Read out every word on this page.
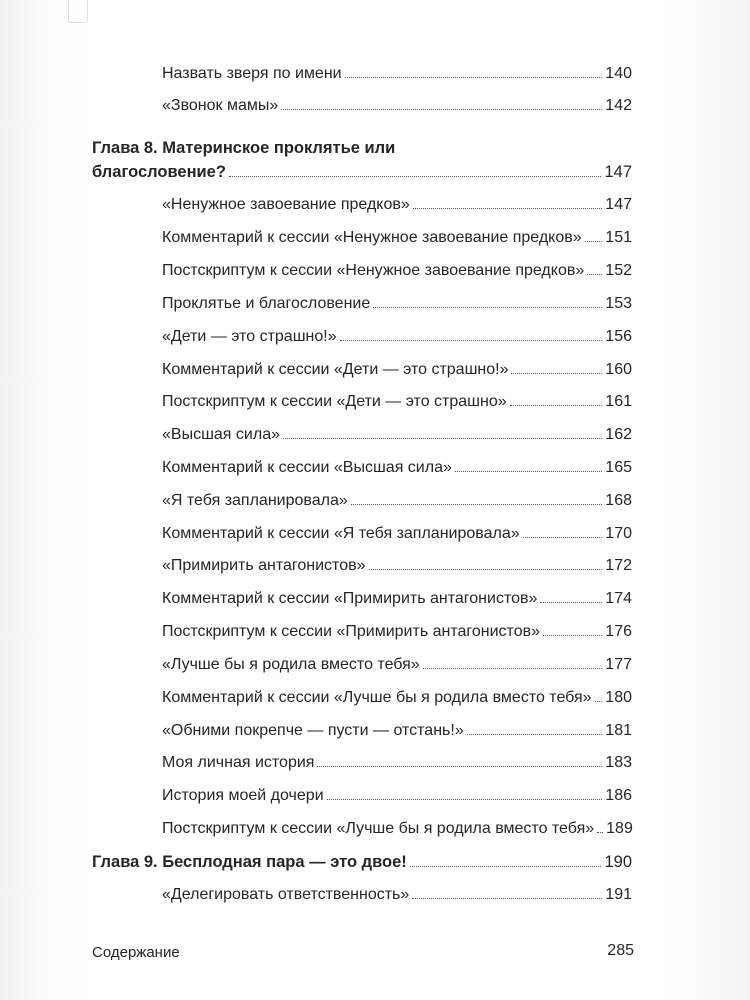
Назвать зверя по имени	140
«Звонок мамы»	142
Глава 8. Материнское проклятье или
благословение?	147
«Ненужное завоевание предков»	147
Комментарий к сессии «Ненужное завоевание предков» 151
Постскриптум к сессии «Ненужное завоевание предков» 152
Проклятье и благословение	153
«Дети — это страшно!»	156
Комментарий к сессии «Дети — это страшно!»	160
Постскриптум к сессии «Дети — это страшно»	161
«Высшая сила»	162
Комментарий к сессии «Высшая сила»	165
«Я тебя запланировала»	168
Комментарий к сессии «Я тебя запланировала»	170
«Примирить антагонистов»	172
Комментарий к сессии «Примирить антагонистов»	174
Постскриптум к сессии «Примирить антагонистов»	176
«Лучше бы я родила вместо тебя»	177
Комментарий к сессии «Лучше бы я родила вместо тебя» 180
«Обними покрепче — пусти — отстань!»	181
Моя личная история	183
История моей дочери	186
Постскриптум к сессии «Лучше бы я родила вместо тебя» 189
Глава 9. Бесплодная пара — это двое!	190
«Делегировать ответственность»	191
Содержание	285
